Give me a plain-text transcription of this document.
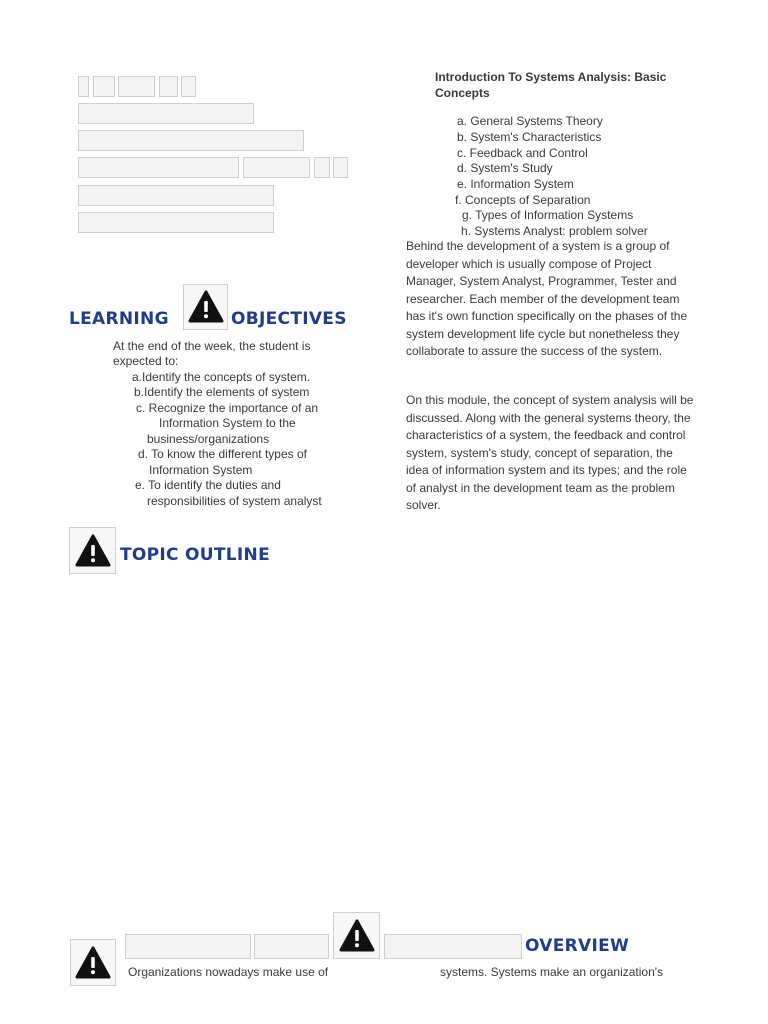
LEARNING	OBJECTIVES
At the end of the week, the student is
expected to:
a.Identify the concepts of system.
b.Identify the elements of system
c. Recognize the importance of an
Information System to the
business/organizations
d. To know the different types of
Information System
e. To identify the duties and
responsibilities of system analyst
TOPIC OUTLINE
Introduction To Systems Analysis: Basic
Concepts
a. General Systems Theory
b. System's Characteristics
c. Feedback and Control
d. System's Study
e. Information System
f. Concepts of Separation
g. Types of Information Systems
h. Systems Analyst: problem solver
Behind the development of a system is a group of developer which is usually compose of Project Manager, System Analyst, Programmer, Tester and researcher. Each member of the development team has it's own function specifically on the phases of the system development life cycle but nonetheless they collaborate to assure the success of the system.
On this module, the concept of system analysis will be discussed. Along with the general systems theory, the characteristics of a system, the feedback and control system, system's study, concept of separation, the idea of information system and its types; and the role of analyst in the development team as the problem solver.
OVERVIEW
Organizations nowadays make use of	systems. Systems make an organization's
